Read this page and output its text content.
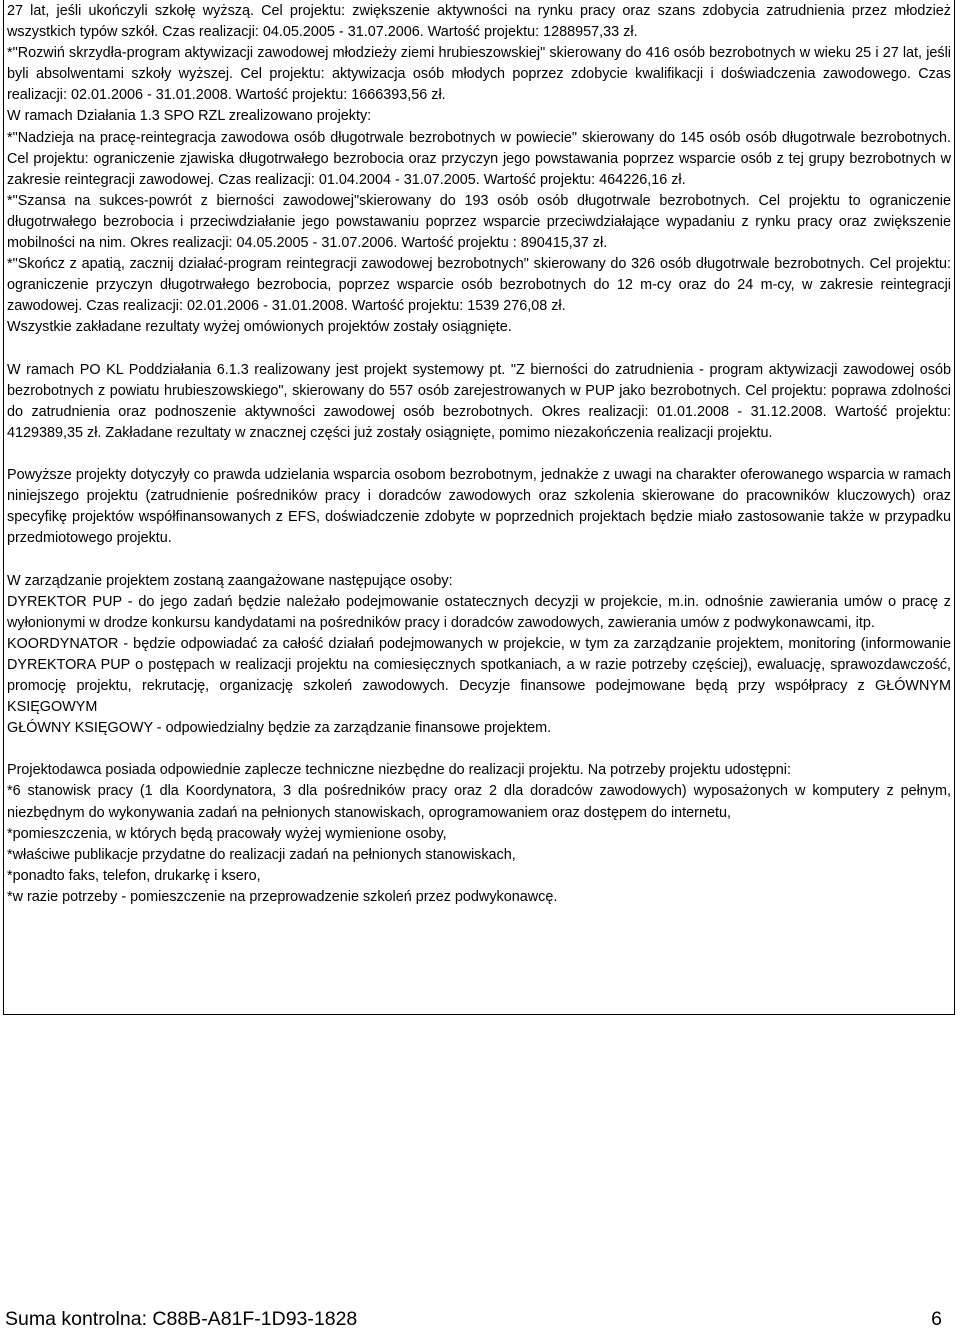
27 lat, jeśli ukończyli szkołę wyższą. Cel projektu: zwiększenie aktywności na rynku pracy oraz szans zdobycia zatrudnienia przez młodzież wszystkich typów szkół. Czas realizacji: 04.05.2005 - 31.07.2006. Wartość projektu: 1288957,33 zł.

*"Rozwiń skrzydła-program aktywizacji zawodowej młodzieży ziemi hrubieszowskiej" skierowany do 416 osób bezrobotnych w wieku 25 i 27 lat, jeśli byli absolwentami szkoły wyższej. Cel projektu: aktywizacja osób młodych poprzez zdobycie kwalifikacji i doświadczenia zawodowego. Czas realizacji: 02.01.2006 - 31.01.2008. Wartość projektu: 1666393,56 zł.

W ramach Działania 1.3 SPO RZL zrealizowano projekty:

*"Nadzieja na pracę-reintegracja zawodowa osób długotrwale bezrobotnych w powiecie" skierowany do 145 osób osób długotrwale bezrobotnych. Cel projektu: ograniczenie zjawiska długotrwałego bezrobocia oraz przyczyn jego powstawania poprzez wsparcie osób z tej grupy bezrobotnych w zakresie reintegracji zawodowej. Czas realizacji: 01.04.2004 - 31.07.2005. Wartość projektu: 464226,16 zł.

*"Szansa na sukces-powrót z bierności zawodowej"skierowany do 193 osób osób długotrwale bezrobotnych. Cel projektu to ograniczenie długotrwałego bezrobocia i przeciwdziałanie jego powstawaniu poprzez wsparcie przeciwdziałające wypadaniu z rynku pracy oraz zwiększenie mobilności na nim. Okres realizacji: 04.05.2005 - 31.07.2006. Wartość projektu : 890415,37 zł.

*"Skończ z apatią, zacznij działać-program reintegracji zawodowej bezrobotnych" skierowany do 326 osób długotrwale bezrobotnych. Cel projektu: ograniczenie przyczyn długotrwałego bezrobocia, poprzez wsparcie osób bezrobotnych do 12 m-cy oraz do 24 m-cy, w zakresie reintegracji zawodowej. Czas realizacji: 02.01.2006 - 31.01.2008. Wartość projektu: 1539 276,08 zł.

Wszystkie zakładane rezultaty wyżej omówionych projektów zostały osiągnięte.

W ramach PO KL Poddziałania 6.1.3 realizowany jest projekt systemowy pt. "Z bierności do zatrudnienia - program aktywizacji zawodowej osób bezrobotnych z powiatu hrubieszowskiego", skierowany do 557 osób zarejestrowanych w PUP jako bezrobotnych. Cel projektu: poprawa zdolności do zatrudnienia oraz podnoszenie aktywności zawodowej osób bezrobotnych. Okres realizacji: 01.01.2008 - 31.12.2008. Wartość projektu: 4129389,35 zł. Zakładane rezultaty w znacznej części już zostały osiągnięte, pomimo niezakończenia realizacji projektu.

Powyższe projekty dotyczyły co prawda udzielania wsparcia osobom bezrobotnym, jednakże z uwagi na charakter oferowanego wsparcia w ramach niniejszego projektu (zatrudnienie pośredników pracy i doradców zawodowych oraz szkolenia skierowane do pracowników kluczowych) oraz specyfikę projektów współfinansowanych z EFS, doświadczenie zdobyte w poprzednich projektach będzie miało zastosowanie także w przypadku przedmiotowego projektu.

W zarządzanie projektem zostaną zaangażowane następujące osoby:

DYREKTOR PUP - do jego zadań będzie należało podejmowanie ostatecznych decyzji w projekcie, m.in. odnośnie zawierania umów o pracę z wyłonionymi w drodze konkursu kandydatami na pośredników pracy i doradców zawodowych, zawierania umów z podwykonawcami, itp.

KOORDYNATOR - będzie odpowiadać za całość działań podejmowanych w projekcie, w tym za zarządzanie projektem, monitoring (informowanie DYREKTORA PUP o postępach w realizacji projektu na comiesięcznych spotkaniach, a w razie potrzeby częściej), ewaluację, sprawozdawczość, promocję projektu, rekrutację, organizację szkoleń zawodowych. Decyzje finansowe podejmowane będą przy współpracy z GŁÓWNYM KSIĘGOWYM

GŁÓWNY KSIĘGOWY - odpowiedzialny będzie za zarządzanie finansowe projektem.

Projektodawca posiada odpowiednie zaplecze techniczne niezbędne do realizacji projektu. Na potrzeby projektu udostępni:

*6 stanowisk pracy (1 dla Koordynatora, 3 dla pośredników pracy oraz 2 dla doradców zawodowych) wyposażonych w komputery z pełnym, niezbędnym do wykonywania zadań na pełnionych stanowiskach, oprogramowaniem oraz dostępem do internetu,

*pomieszczenia, w których będą pracowały wyżej wymienione osoby,

*właściwe publikacje przydatne do realizacji zadań na pełnionych stanowiskach,

*ponadto faks, telefon, drukarkę i ksero,

*w razie potrzeby - pomieszczenie na przeprowadzenie szkoleń przez podwykonawcę.

Suma kontrolna: C88B-A81F-1D93-1828	6
